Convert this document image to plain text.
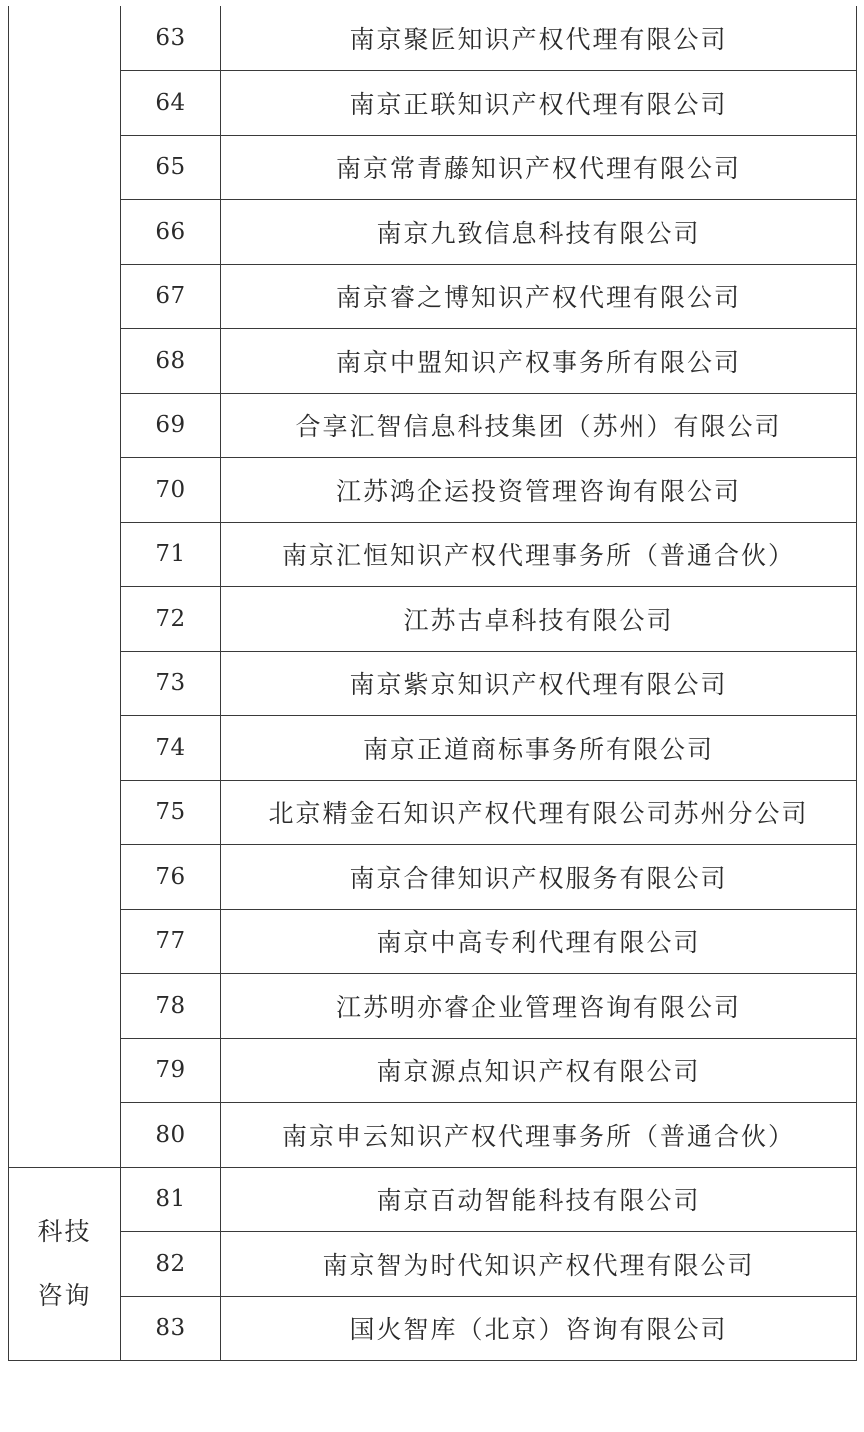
	63	南京聚匠知识产权代理有限公司
	64	南京正联知识产权代理有限公司
	65	南京常青藤知识产权代理有限公司
	66	南京九致信息科技有限公司
	67	南京睿之博知识产权代理有限公司
	68	南京中盟知识产权事务所有限公司
	69	合享汇智信息科技集团（苏州）有限公司
	70	江苏鸿企运投资管理咨询有限公司
	71	南京汇恒知识产权代理事务所（普通合伙）
	72	江苏古卓科技有限公司
	73	南京紫京知识产权代理有限公司
	74	南京正道商标事务所有限公司
	75	北京精金石知识产权代理有限公司苏州分公司
	76	南京合律知识产权服务有限公司
	77	南京中高专利代理有限公司
	78	江苏明亦睿企业管理咨询有限公司
	79	南京源点知识产权有限公司
	80	南京申云知识产权代理事务所（普通合伙）

科技
咨询	81	南京百动智能科技有限公司
	82	南京智为时代知识产权代理有限公司
	83	国火智库（北京）咨询有限公司
